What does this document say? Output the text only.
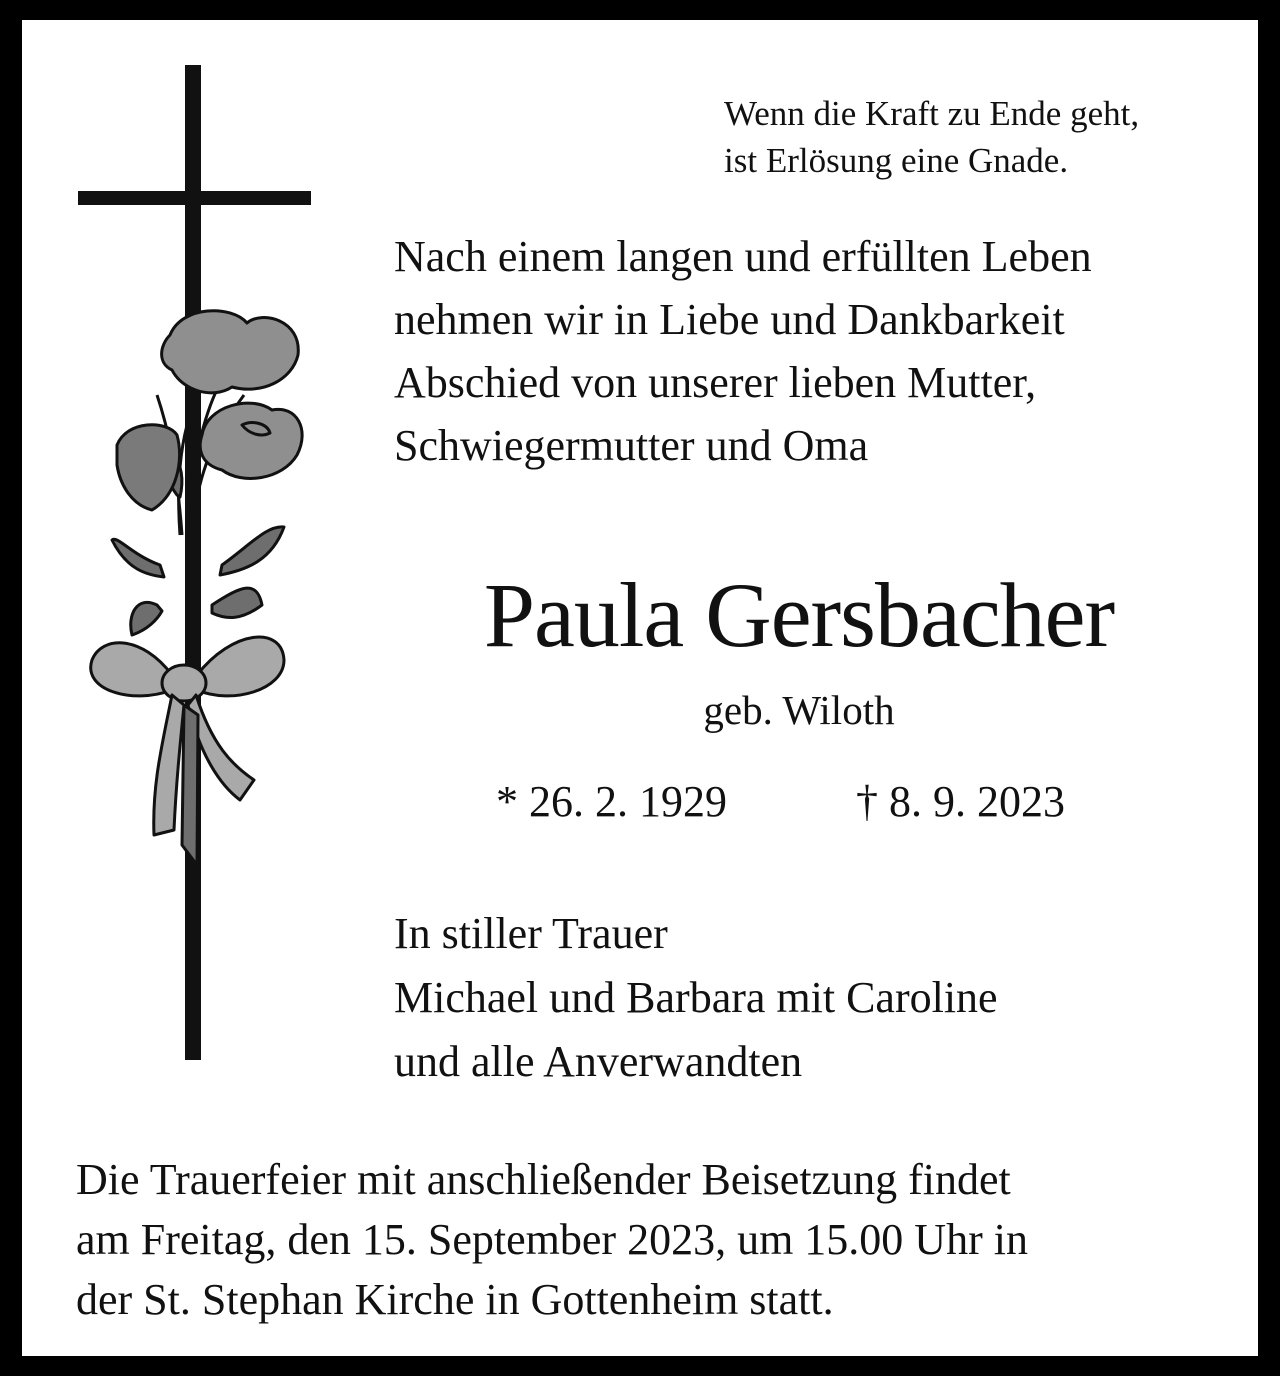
Wenn die Kraft zu Ende geht,
ist Erlösung eine Gnade.
Nach einem langen und erfüllten Leben
nehmen wir in Liebe und Dankbarkeit
Abschied von unserer lieben Mutter,
Schwiegermutter und Oma
Paula Gersbacher
geb. Wiloth
* 26. 2. 1929	† 8. 9. 2023
In stiller Trauer
Michael und Barbara mit Caroline
und alle Anverwandten
Die Trauerfeier mit anschließender Beisetzung findet
am Freitag, den 15. September 2023, um 15.00 Uhr in
der St. Stephan Kirche in Gottenheim statt.
